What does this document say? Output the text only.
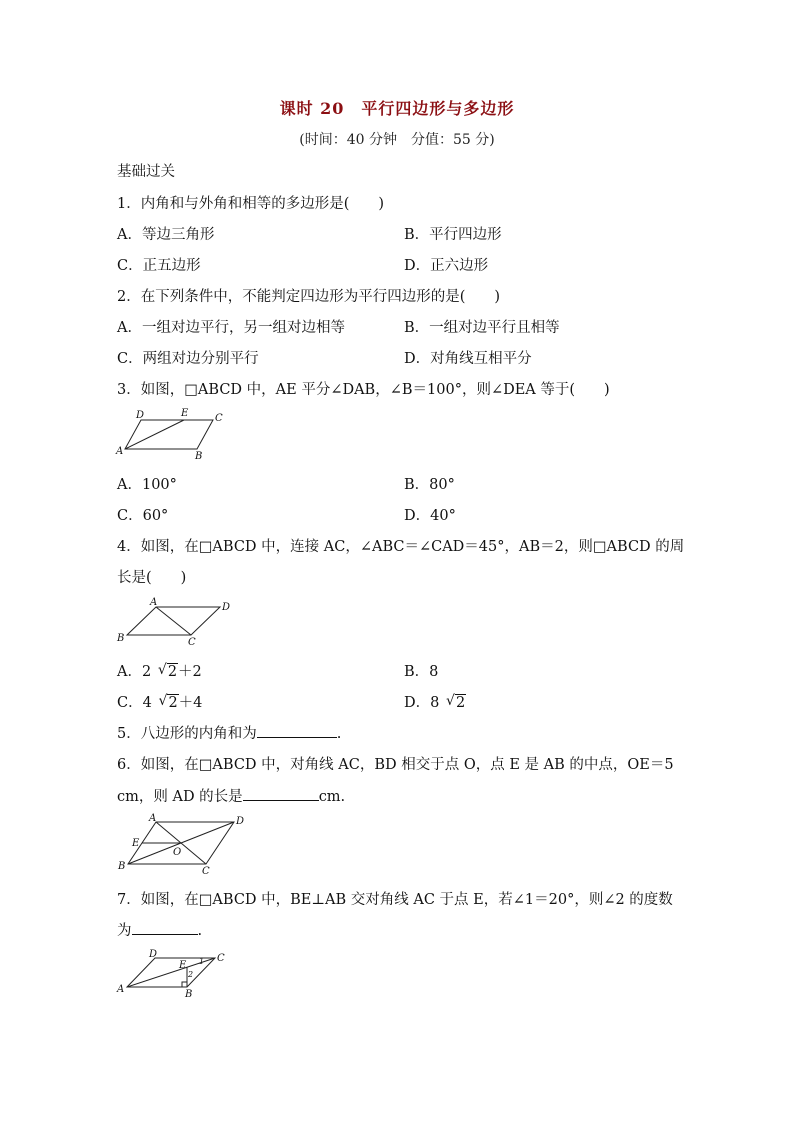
课时 20　平行四边形与多边形
(时间：40 分钟　分值：55 分)
基础过关
1．内角和与外角和相等的多边形是(　　)
A．等边三角形	B．平行四边形
C．正五边形	D．正六边形
2．在下列条件中，不能判定四边形为平行四边形的是(　　)
A．一组对边平行，另一组对边相等	B．一组对边平行且相等
C．两组对边分别平行	D．对角线互相平分
3．如图，□ABCD 中，AE 平分∠DAB，∠B＝100°，则∠DEA 等于(　　)
D	E	C
A	B
A．100°	B．80°
C．60°	D．40°
4．如图，在□ABCD 中，连接 AC，∠ABC＝∠CAD＝45°，AB＝2，则□ABCD 的周
长是(　　)
A	D
B	C
A．2 √ 2＋2	B．8
C．4 √ 2＋4	D．8 √ 2
5．八边形的内角和为	.
6．如图，在□ABCD 中，对角线 AC，BD 相交于点 O，点 E 是 AB 的中点，OE＝5
cm，则 AD 的长是	cm.
A	D
E
O
B	C
7．如图，在□ABCD 中，BE⊥AB 交对角线 AC 于点 E，若∠1＝20°，则∠2 的度数
为	.
D
E 1 C
2
A	B
